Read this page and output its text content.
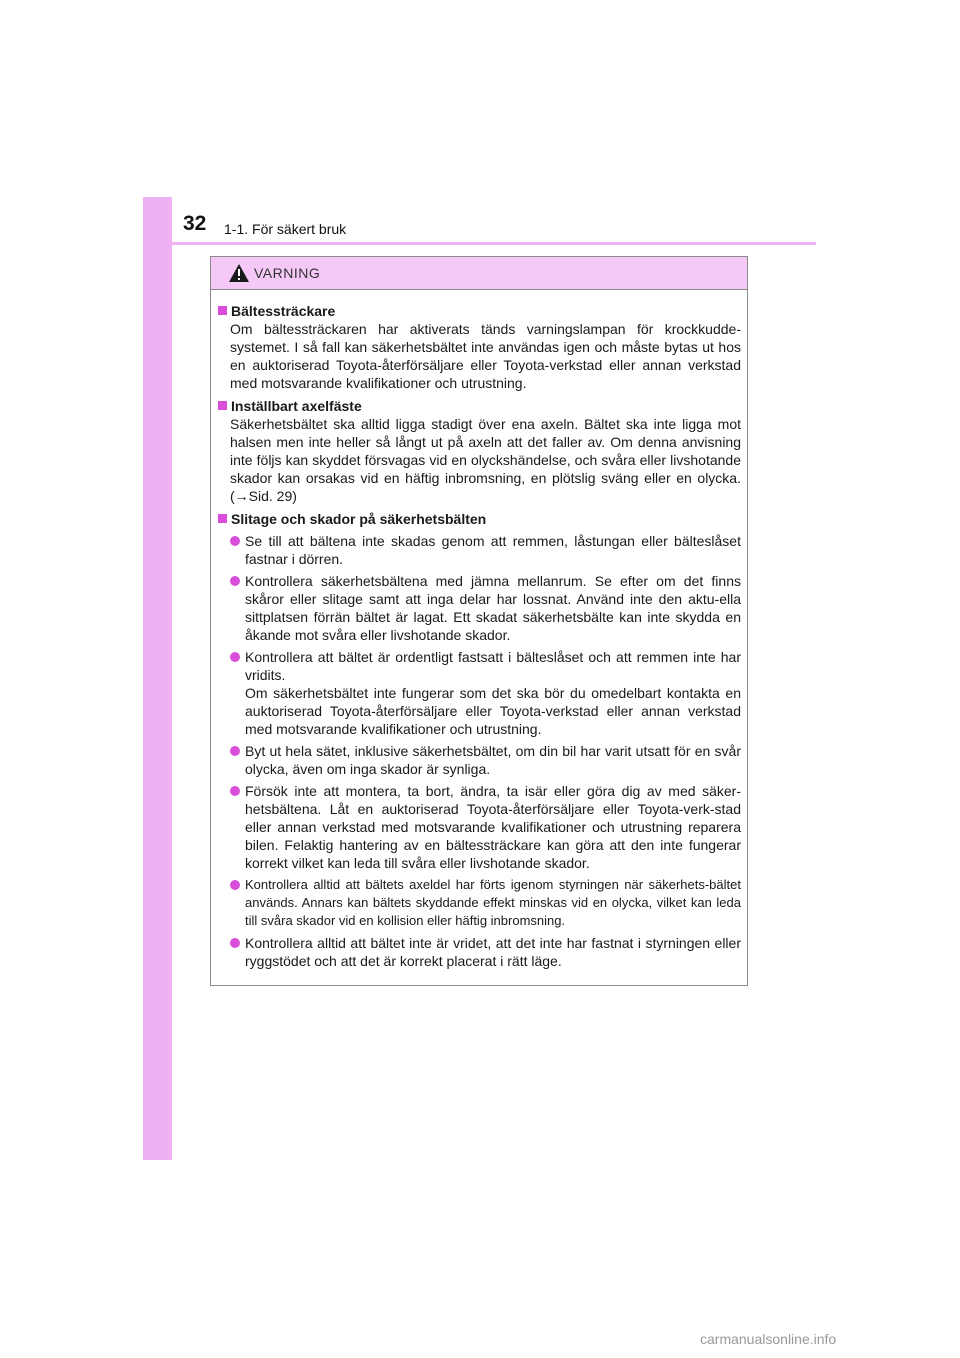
32 1-1. För säkert bruk
VARNING
Bältessträckare
Om bältessträckaren har aktiverats tänds varningslampan för krockkudde-systemet. I så fall kan säkerhetsbältet inte användas igen och måste bytas ut hos en auktoriserad Toyota-återförsäljare eller Toyota-verkstad eller annan verkstad med motsvarande kvalifikationer och utrustning.
Inställbart axelfäste
Säkerhetsbältet ska alltid ligga stadigt över ena axeln. Bältet ska inte ligga mot halsen men inte heller så långt ut på axeln att det faller av. Om denna anvisning inte följs kan skyddet försvagas vid en olyckshändelse, och svåra eller livshotande skador kan orsakas vid en häftig inbromsning, en plötslig sväng eller en olycka. (→Sid. 29)
Slitage och skador på säkerhetsbälten
Se till att bältena inte skadas genom att remmen, låstungan eller bälteslåset fastnar i dörren.
Kontrollera säkerhetsbältena med jämna mellanrum. Se efter om det finns skåror eller slitage samt att inga delar har lossnat. Använd inte den aktu-ella sittplatsen förrän bältet är lagat. Ett skadat säkerhetsbälte kan inte skydda en åkande mot svåra eller livshotande skador.
Kontrollera att bältet är ordentligt fastsatt i bälteslåset och att remmen inte har vridits.
Om säkerhetsbältet inte fungerar som det ska bör du omedelbart kontakta en auktoriserad Toyota-återförsäljare eller Toyota-verkstad eller annan verkstad med motsvarande kvalifikationer och utrustning.
Byt ut hela sätet, inklusive säkerhetsbältet, om din bil har varit utsatt för en svår olycka, även om inga skador är synliga.
Försök inte att montera, ta bort, ändra, ta isär eller göra dig av med säker-hetsbältena. Låt en auktoriserad Toyota-återförsäljare eller Toyota-verk-stad eller annan verkstad med motsvarande kvalifikationer och utrustning reparera bilen. Felaktig hantering av en bältessträckare kan göra att den inte fungerar korrekt vilket kan leda till svåra eller livshotande skador.
Kontrollera alltid att bältets axeldel har förts igenom styrningen när säkerhets-bältet används. Annars kan bältets skyddande effekt minskas vid en olycka, vilket kan leda till svåra skador vid en kollision eller häftig inbromsning.
Kontrollera alltid att bältet inte är vridet, att det inte har fastnat i styrningen eller ryggstödet och att det är korrekt placerat i rätt läge.
carmanualsonline.info
